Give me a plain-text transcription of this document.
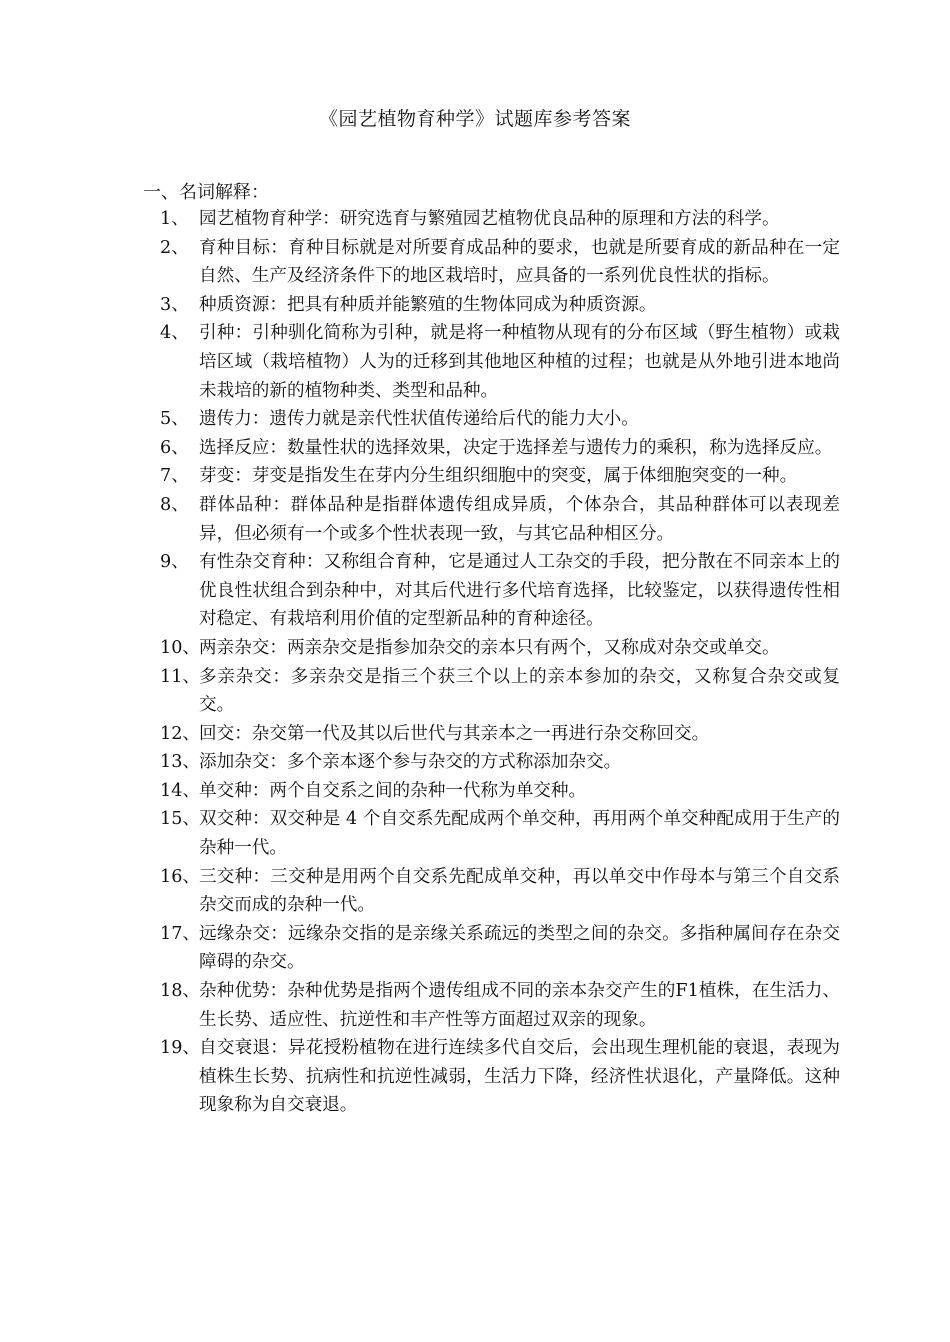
《园艺植物育种学》试题库参考答案
一、名词解释：
1、 园艺植物育种学：研究选育与繁殖园艺植物优良品种的原理和方法的科学。
2、 育种目标：育种目标就是对所要育成品种的要求，也就是所要育成的新品种在一定自然、生产及经济条件下的地区栽培时，应具备的一系列优良性状的指标。
3、 种质资源：把具有种质并能繁殖的生物体同成为种质资源。
4、 引种：引种驯化简称为引种，就是将一种植物从现有的分布区域（野生植物）或栽培区域（栽培植物）人为的迁移到其他地区种植的过程；也就是从外地引进本地尚未栽培的新的植物种类、类型和品种。
5、 遗传力：遗传力就是亲代性状值传递给后代的能力大小。
6、 选择反应：数量性状的选择效果，决定于选择差与遗传力的乘积，称为选择反应。
7、 芽变：芽变是指发生在芽内分生组织细胞中的突变，属于体细胞突变的一种。
8、 群体品种：群体品种是指群体遗传组成异质，个体杂合，其品种群体可以表现差异，但必须有一个或多个性状表现一致，与其它品种相区分。
9、 有性杂交育种：又称组合育种，它是通过人工杂交的手段，把分散在不同亲本上的优良性状组合到杂种中，对其后代进行多代培育选择，比较鉴定，以获得遗传性相对稳定、有栽培利用价值的定型新品种的育种途径。
10、 两亲杂交：两亲杂交是指参加杂交的亲本只有两个，又称成对杂交或单交。
11、 多亲杂交：多亲杂交是指三个获三个以上的亲本参加的杂交，又称复合杂交或复交。
12、 回交：杂交第一代及其以后世代与其亲本之一再进行杂交称回交。
13、 添加杂交：多个亲本逐个参与杂交的方式称添加杂交。
14、 单交种：两个自交系之间的杂种一代称为单交种。
15、 双交种：双交种是 4 个自交系先配成两个单交种，再用两个单交种配成用于生产的杂种一代。
16、 三交种：三交种是用两个自交系先配成单交种，再以单交中作母本与第三个自交系杂交而成的杂种一代。
17、 远缘杂交：远缘杂交指的是亲缘关系疏远的类型之间的杂交。多指种属间存在杂交障碍的杂交。
18、 杂种优势：杂种优势是指两个遗传组成不同的亲本杂交产生的F1植株，在生活力、生长势、适应性、抗逆性和丰产性等方面超过双亲的现象。
19、 自交衰退：异花授粉植物在进行连续多代自交后，会出现生理机能的衰退，表现为植株生长势、抗病性和抗逆性减弱，生活力下降，经济性状退化，产量降低。这种现象称为自交衰退。
